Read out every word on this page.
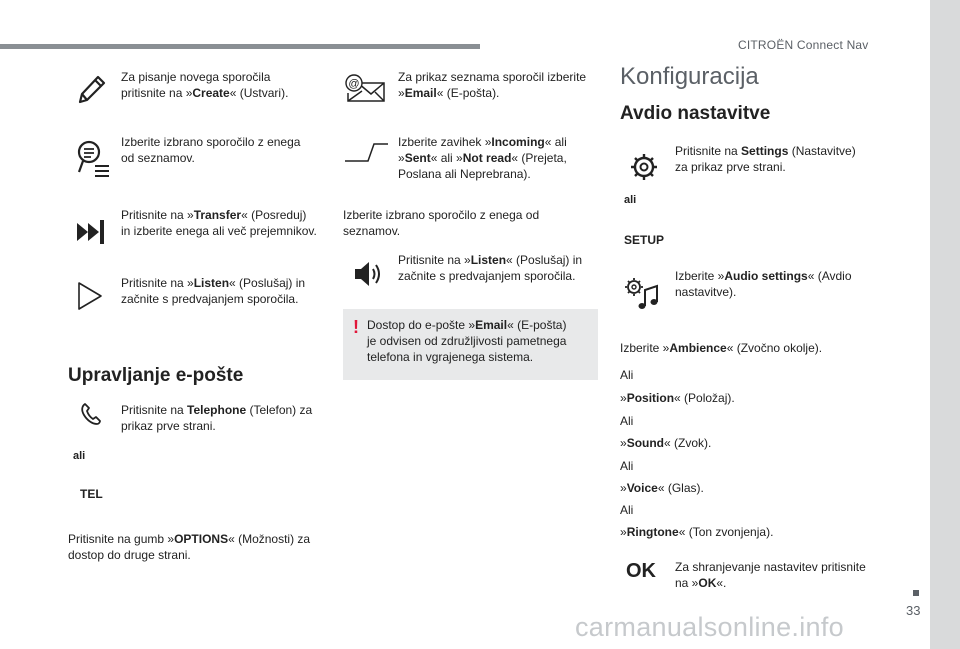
CITROËN Connect Nav
Za pisanje novega sporočila
pritisnite na »Create« (Ustvari).
Izberite izbrano sporočilo z enega
od seznamov.
Pritisnite na »Transfer« (Posreduj)
in izberite enega ali več prejemnikov.
Pritisnite na »Listen« (Poslušaj) in
začnite s predvajanjem sporočila.
Upravljanje e-pošte
Pritisnite na Telephone (Telefon) za
prikaz prve strani.
ali
TEL
Pritisnite na gumb »OPTIONS« (Možnosti) za
dostop do druge strani.
@	Za prikaz seznama sporočil izberite
»Email« (E-pošta).
Izberite zavihek »Incoming« ali
»Sent« ali »Not read« (Prejeta,
Poslana ali Neprebrana).
Izberite izbrano sporočilo z enega od
seznamov.
Pritisnite na »Listen« (Poslušaj) in
začnite s predvajanjem sporočila.
! Dostop do e-pošte »Email« (E-pošta)
je odvisen od združljivosti pametnega
telefona in vgrajenega sistema.
Konfiguracija
Avdio nastavitve
Pritisnite na Settings (Nastavitve)
za prikaz prve strani.
ali
SETUP
Izberite »Audio settings« (Avdio
nastavitve).
Izberite »Ambience« (Zvočno okolje).
Ali
»Position« (Položaj).
Ali
»Sound« (Zvok).
Ali
»Voice« (Glas).
Ali
»Ringtone« (Ton zvonjenja).
OK Za shranjevanje nastavitev pritisnite
na »OK«.
33
carmanualsonline.info
